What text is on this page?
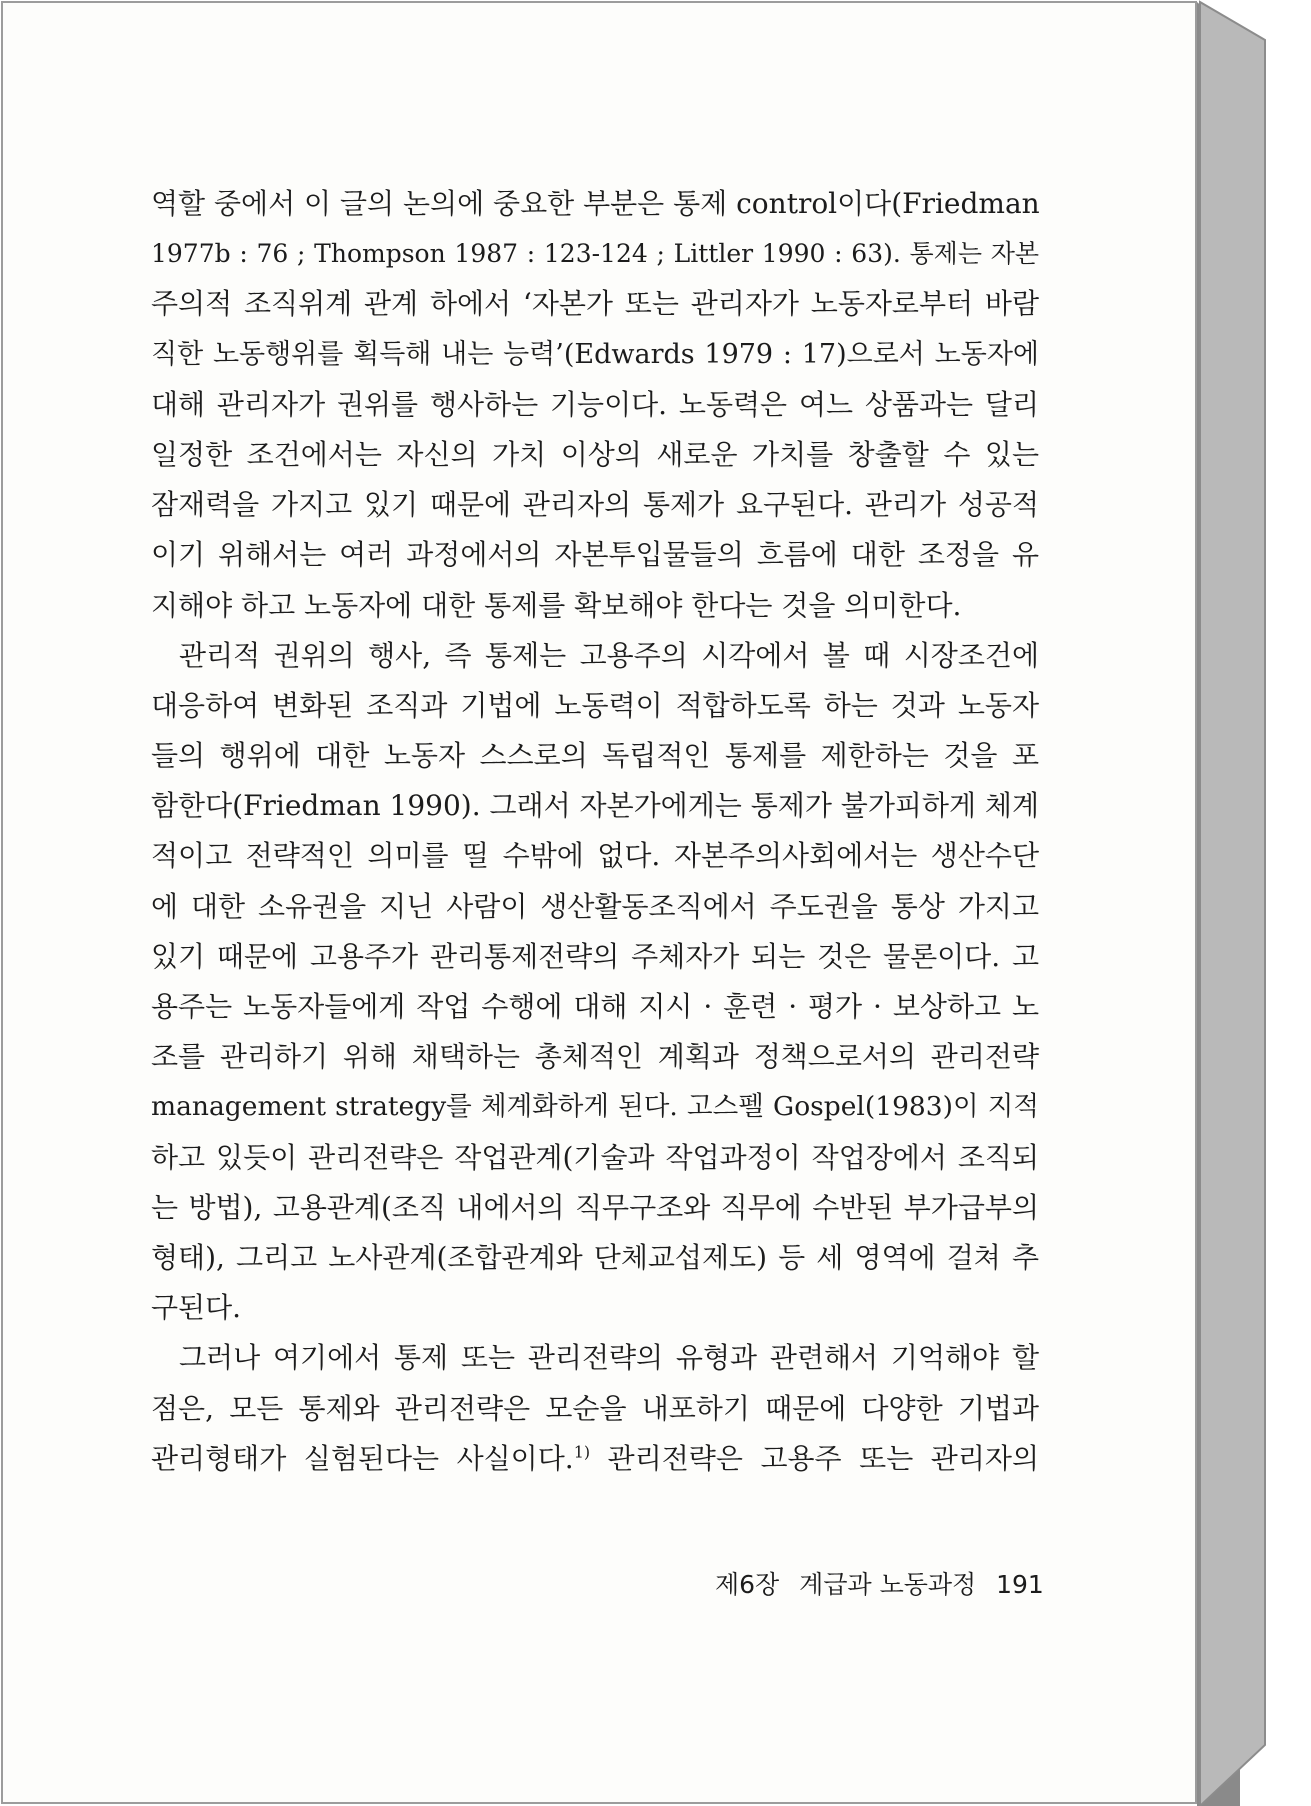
역할 중에서 이 글의 논의에 중요한 부분은 통제 control이다(Friedman
1977b : 76 ; Thompson 1987 : 123-124 ; Littler 1990 : 63). 통제는 자본
주의적 조직위계 관계 하에서 ‘자본가 또는 관리자가 노동자로부터 바람
직한 노동행위를 획득해 내는 능력’(Edwards 1979 : 17)으로서 노동자에
대해 관리자가 권위를 행사하는 기능이다. 노동력은 여느 상품과는 달리
일정한 조건에서는 자신의 가치 이상의 새로운 가치를 창출할 수 있는
잠재력을 가지고 있기 때문에 관리자의 통제가 요구된다. 관리가 성공적
이기 위해서는 여러 과정에서의 자본투입물들의 흐름에 대한 조정을 유
지해야 하고 노동자에 대한 통제를 확보해야 한다는 것을 의미한다.
관리적 권위의 행사, 즉 통제는 고용주의 시각에서 볼 때 시장조건에
대응하여 변화된 조직과 기법에 노동력이 적합하도록 하는 것과 노동자
들의 행위에 대한 노동자 스스로의 독립적인 통제를 제한하는 것을 포
함한다(Friedman 1990). 그래서 자본가에게는 통제가 불가피하게 체계
적이고 전략적인 의미를 띨 수밖에 없다. 자본주의사회에서는 생산수단
에 대한 소유권을 지닌 사람이 생산활동조직에서 주도권을 통상 가지고
있기 때문에 고용주가 관리통제전략의 주체자가 되는 것은 물론이다. 고
용주는 노동자들에게 작업 수행에 대해 지시 · 훈련 · 평가 · 보상하고 노
조를 관리하기 위해 채택하는 총체적인 계획과 정책으로서의 관리전략
management strategy를 체계화하게 된다. 고스펠 Gospel(1983)이 지적
하고 있듯이 관리전략은 작업관계(기술과 작업과정이 작업장에서 조직되
는 방법), 고용관계(조직 내에서의 직무구조와 직무에 수반된 부가급부의
형태), 그리고 노사관계(조합관계와 단체교섭제도) 등 세 영역에 걸쳐 추
구된다.
그러나 여기에서 통제 또는 관리전략의 유형과 관련해서 기억해야 할
점은, 모든 통제와 관리전략은 모순을 내포하기 때문에 다양한 기법과
관리형태가 실험된다는 사실이다.$^{1)}$ 관리전략은 고용주 또는 관리자의
제6장 계급과 노동과정 191
